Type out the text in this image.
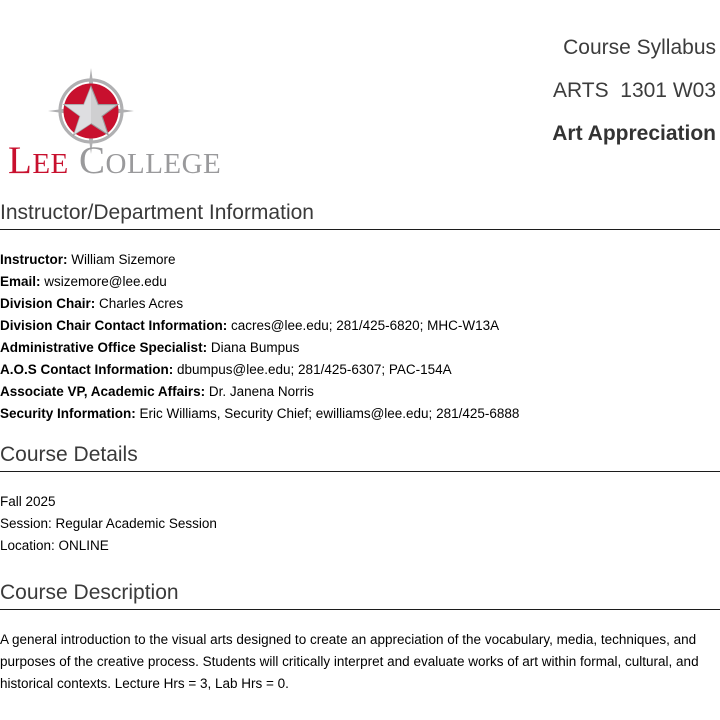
LEE COLLEGE
Course Syllabus
ARTS  1301 W03
Art Appreciation
Instructor/Department Information
Instructor: William Sizemore
Email: wsizemore@lee.edu
Division Chair: Charles Acres
Division Chair Contact Information: cacres@lee.edu; 281/425-6820; MHC-W13A
Administrative Office Specialist: Diana Bumpus
A.O.S Contact Information: dbumpus@lee.edu; 281/425-6307; PAC-154A
Associate VP, Academic Affairs: Dr. Janena Norris
Security Information: Eric Williams, Security Chief; ewilliams@lee.edu; 281/425-6888
Course Details
Fall 2025
Session: Regular Academic Session
Location: ONLINE
Course Description

A general introduction to the visual arts designed to create an appreciation of the vocabulary, media, techniques, and purposes of the creative process. Students will critically interpret and evaluate works of art within formal, cultural, and historical contexts. Lecture Hrs = 3, Lab Hrs = 0.
